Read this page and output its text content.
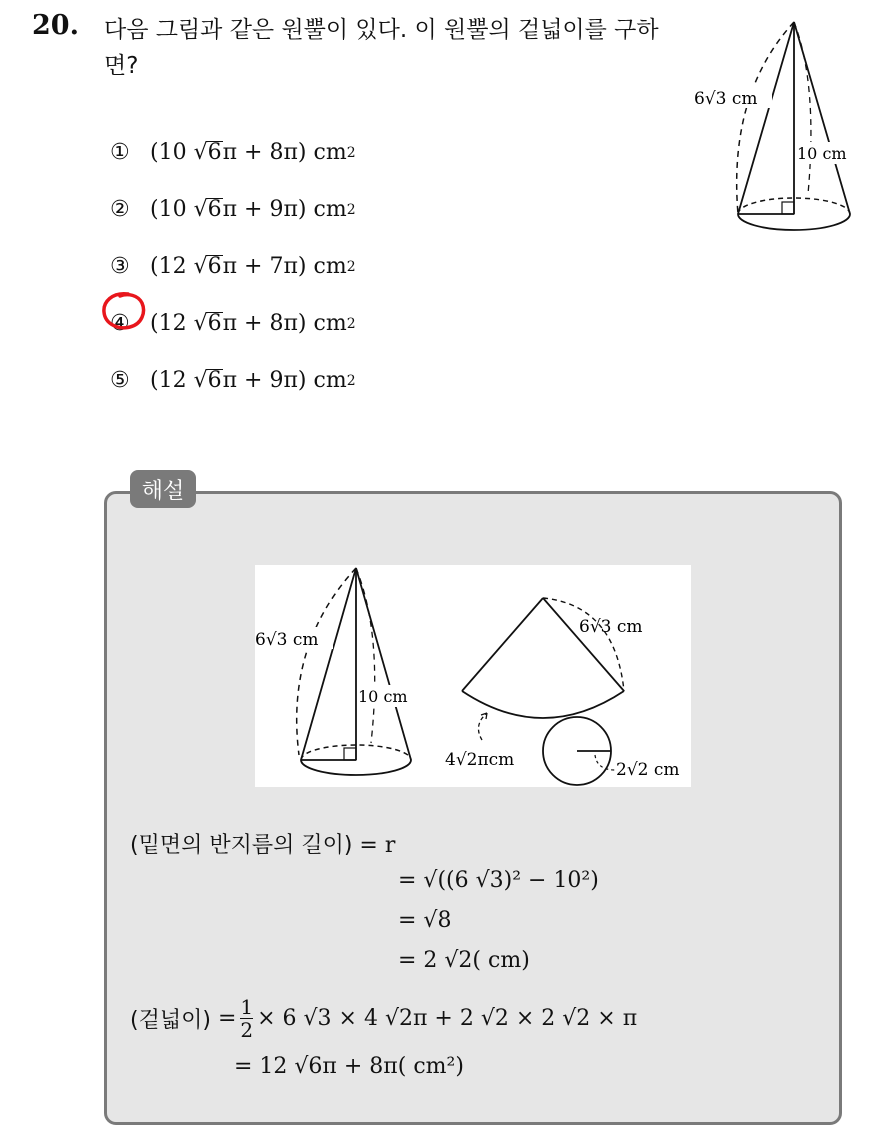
20. 다음 그림과 같은 원뿔이 있다. 이 원뿔의 겉넓이를 구하면?
6√3 cm
10 cm
① (10 √ 6 π + 8π) cm 2
② (10 √ 6 π + 9π) cm 2
③ (12 √ 6 π + 7π) cm 2
④ (12 √ 6 π + 8π) cm 2
⑤ (12 √ 6 π + 9π) cm 2
해설
6√3 cm
10 cm
6√3 cm
4√2πcm	2√2 cm
(밑면의 반지름의 길이) = r
= √((6 √3)² − 10²)
= √8
= 2 √2( cm)
(겉넓이)
= $\frac{1}{2} \times 6$ √3 × 4 √2π + 2 √2 × 2 √2 × π
= 12 √6π + 8π( cm²)
